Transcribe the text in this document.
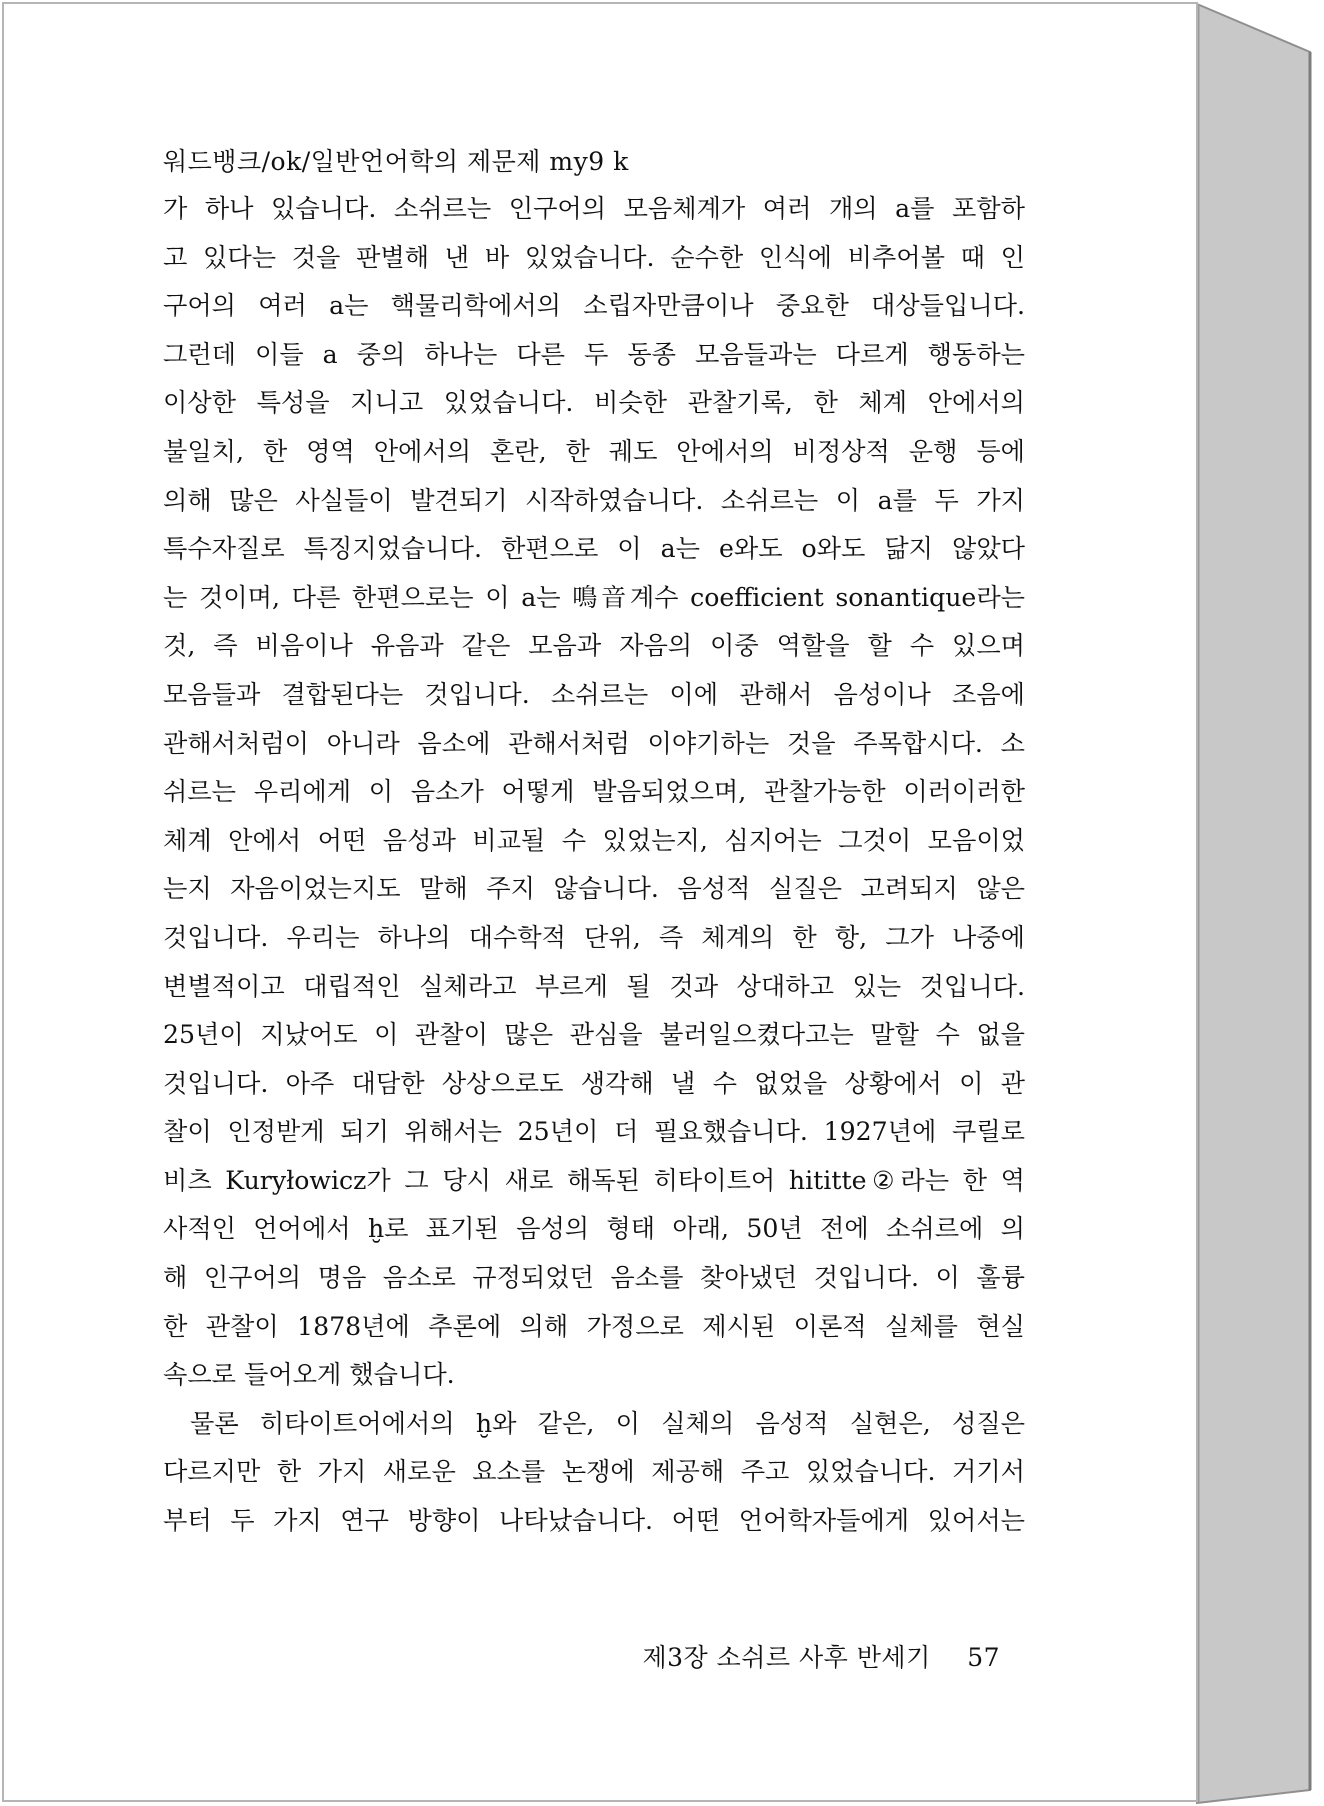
워드뱅크/ok/일반언어학의 제문제 my9 k
가 하나 있습니다. 소쉬르는 인구어의 모음체계가 여러 개의 a를 포함하
고 있다는 것을 판별해 낸 바 있었습니다. 순수한 인식에 비추어볼 때 인
구어의 여러 a는 핵물리학에서의 소립자만큼이나 중요한 대상들입니다.
그런데 이들 a 중의 하나는 다른 두 동종 모음들과는 다르게 행동하는
이상한 특성을 지니고 있었습니다. 비슷한 관찰기록, 한 체계 안에서의
불일치, 한 영역 안에서의 혼란, 한 궤도 안에서의 비정상적 운행 등에
의해 많은 사실들이 발견되기 시작하였습니다. 소쉬르는 이 a를 두 가지
특수자질로 특징지었습니다. 한편으로 이 a는 e와도 o와도 닮지 않았다
는 것이며, 다른 한편으로는 이 a는 鳴音계수 coefficient sonantique라는
것, 즉 비음이나 유음과 같은 모음과 자음의 이중 역할을 할 수 있으며
모음들과 결합된다는 것입니다. 소쉬르는 이에 관해서 음성이나 조음에
관해서처럼이 아니라 음소에 관해서처럼 이야기하는 것을 주목합시다. 소
쉬르는 우리에게 이 음소가 어떻게 발음되었으며, 관찰가능한 이러이러한
체계 안에서 어떤 음성과 비교될 수 있었는지, 심지어는 그것이 모음이었
는지 자음이었는지도 말해 주지 않습니다. 음성적 실질은 고려되지 않은
것입니다. 우리는 하나의 대수학적 단위, 즉 체계의 한 항, 그가 나중에
변별적이고 대립적인 실체라고 부르게 될 것과 상대하고 있는 것입니다.
25년이 지났어도 이 관찰이 많은 관심을 불러일으켰다고는 말할 수 없을
것입니다. 아주 대담한 상상으로도 생각해 낼 수 없었을 상황에서 이 관
찰이 인정받게 되기 위해서는 25년이 더 필요했습니다. 1927년에 쿠릴로
비츠 Kuryłowicz가 그 당시 새로 해독된 히타이트어 hititte②라는 한 역
사적인 언어에서 ḫ로 표기된 음성의 형태 아래, 50년 전에 소쉬르에 의
해 인구어의 명음 음소로 규정되었던 음소를 찾아냈던 것입니다. 이 훌륭
한 관찰이 1878년에 추론에 의해 가정으로 제시된 이론적 실체를 현실
속으로 들어오게 했습니다.
물론 히타이트어에서의 ḫ와 같은, 이 실체의 음성적 실현은, 성질은
다르지만 한 가지 새로운 요소를 논쟁에 제공해 주고 있었습니다. 거기서
부터 두 가지 연구 방향이 나타났습니다. 어떤 언어학자들에게 있어서는
제3장 소쉬르 사후 반세기 57
